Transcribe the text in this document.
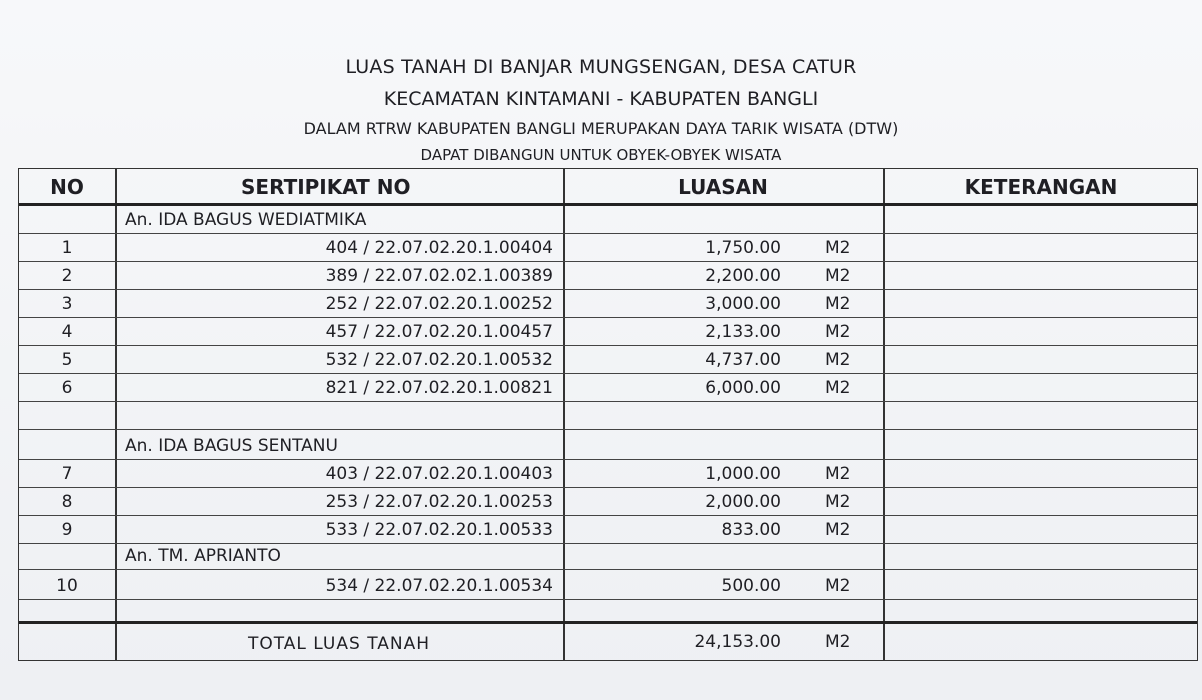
LUAS TANAH DI BANJAR MUNGSENGAN, DESA CATUR
KECAMATAN KINTAMANI - KABUPATEN BANGLI
DALAM RTRW KABUPATEN BANGLI MERUPAKAN DAYA TARIK WISATA (DTW)
DAPAT DIBANGUN UNTUK OBYEK-OBYEK WISATA
NO	SERTIPIKAT NO	LUASAN	KETERANGAN
An. IDA BAGUS WEDIATMIKA
1	404 / 22.07.02.20.1.00404	1,750.00	M2
2	389 / 22.07.02.02.1.00389	2,200.00	M2
3	252 / 22.07.02.20.1.00252	3,000.00	M2
4	457 / 22.07.02.20.1.00457	2,133.00	M2
5	532 / 22.07.02.20.1.00532	4,737.00	M2
6	821 / 22.07.02.20.1.00821	6,000.00	M2
An. IDA BAGUS SENTANU
7	403 / 22.07.02.20.1.00403	1,000.00	M2
8	253 / 22.07.02.20.1.00253	2,000.00	M2
9	533 / 22.07.02.20.1.00533	833.00	M2
An. TM. APRIANTO
10	534 / 22.07.02.20.1.00534	500.00	M2
TOTAL LUAS TANAH	24,153.00	M2
